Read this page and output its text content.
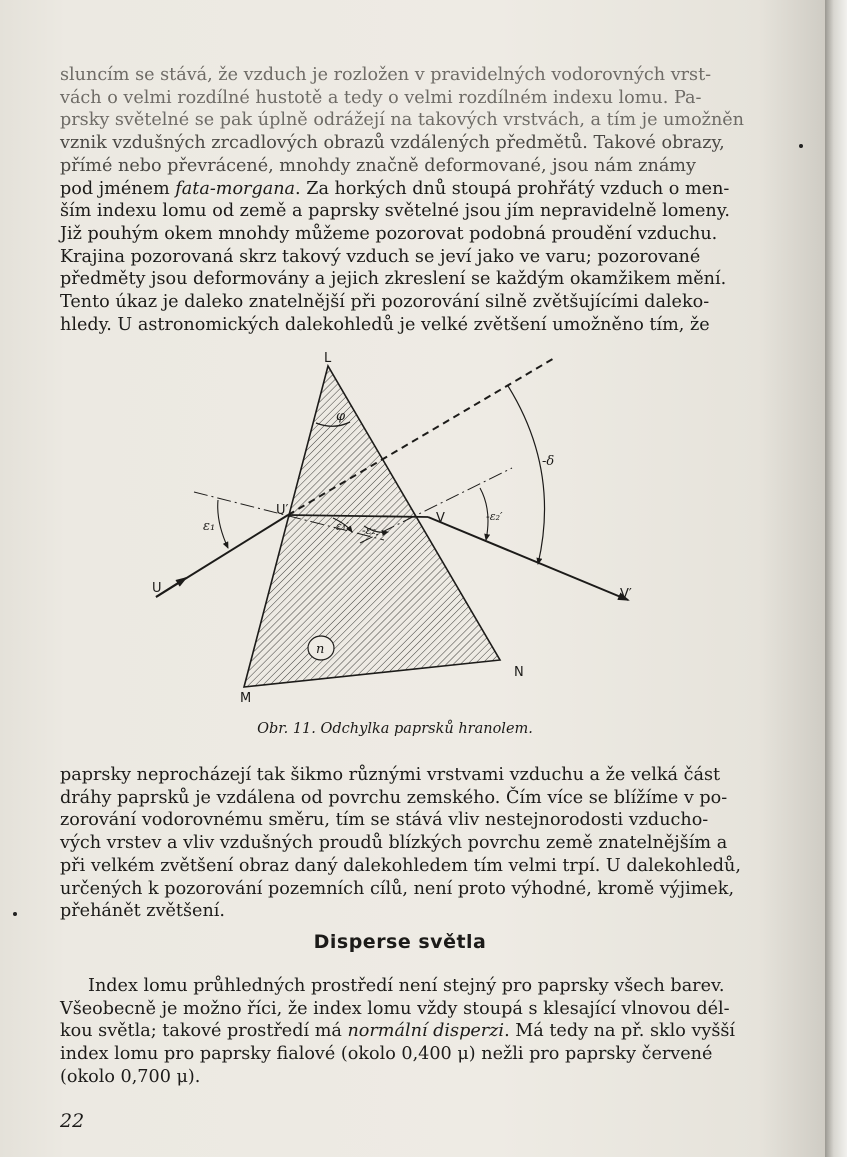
sluncím se stává, že vzduch je rozložen v pravidelných vodorovných vrst-
vách o velmi rozdílné hustotě a tedy o velmi rozdílném indexu lomu. Pa-
prsky světelné se pak úplně odrážejí na takových vrstvách, a tím je umožněn
vznik vzdušných zrcadlových obrazů vzdálených předmětů. Takové obrazy,
přímé nebo převrácené, mnohdy značně deformované, jsou nám známy
pod jménem fata-morgana. Za horkých dnů stoupá prohřátý vzduch o men-
ším indexu lomu od země a paprsky světelné jsou jím nepravidelně lomeny.
Již pouhým okem mnohdy můžeme pozorovat podobná proudění vzduchu.
Krajina pozorovaná skrz takový vzduch se jeví jako ve varu; pozorované
předměty jsou deformovány a jejich zkreslení se každým okamžikem mění.
Tento úkaz je daleko znatelnější při pozorování silně zvětšujícími daleko-
hledy. U astronomických dalekohledů je velké zvětšení umožněno tím, že
n
φ
L
M
N
U	V′
U′
V
-δ
ε₁	ε₁′ -ε₂
-ε₂′

Obr. 11. Odchylka paprsků hranolem.

paprsky neprocházejí tak šikmo různými vrstvami vzduchu a že velká část
dráhy paprsků je vzdálena od povrchu zemského. Čím více se blížíme v po-
zorování vodorovnému směru, tím se stává vliv nestejnorodosti vzducho-
vých vrstev a vliv vzdušných proudů blízkých povrchu země znatelnějším a
při velkém zvětšení obraz daný dalekohledem tím velmi trpí. U dalekohledů,
určených k pozorování pozemních cílů, není proto výhodné, kromě výjimek,
přehánět zvětšení.
Disperse světla
Index lomu průhledných prostředí není stejný pro paprsky všech barev.
Všeobecně je možno říci, že index lomu vždy stoupá s klesající vlnovou dél-
kou světla; takové prostředí má normální disperzi. Má tedy na př. sklo vyšší
index lomu pro paprsky fialové (okolo 0,400 μ) nežli pro paprsky červené
(okolo 0,700 μ).

22
